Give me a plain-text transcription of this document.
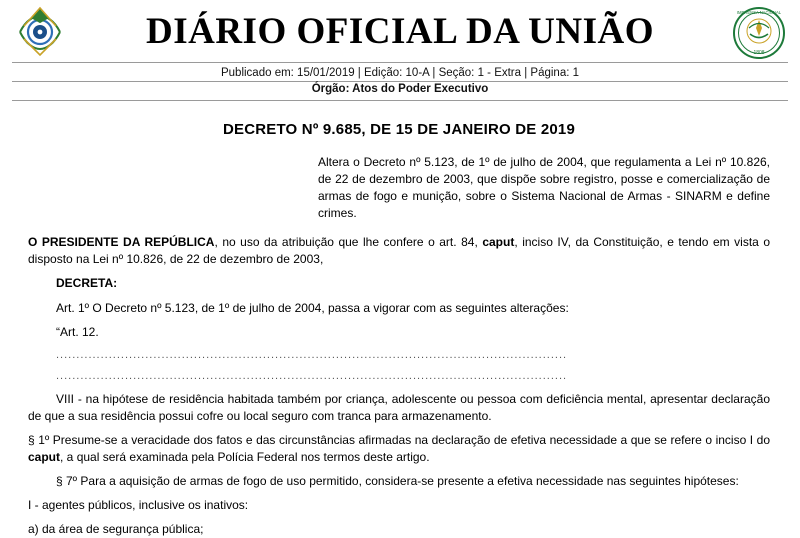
DIÁRIO OFICIAL DA UNIÃO	IMPRENSA NACIONAL
1808
Publicado em: 15/01/2019 | Edição: 10-A | Seção: 1 - Extra | Página: 1
Órgão: Atos do Poder Executivo
DECRETO Nº 9.685, DE 15 DE JANEIRO DE 2019

Altera o Decreto nº 5.123, de 1º de julho de 2004, que regulamenta a Lei nº 10.826, de 22 de dezembro de 2003, que dispõe sobre registro, posse e comercialização de armas de fogo e munição, sobre o Sistema Nacional de Armas - SINARM e define crimes.

O PRESIDENTE DA REPÚBLICA, no uso da atribuição que lhe confere o art. 84, caput, inciso IV, da Constituição, e tendo em vista o disposto na Lei nº 10.826, de 22 de dezembro de 2003,

DECRETA:

Art. 1º O Decreto nº 5.123, de 1º de julho de 2004, passa a vigorar com as seguintes alterações:

“Art. 12.

..............................................................................................................................

..............................................................................................................................

VIII - na hipótese de residência habitada também por criança, adolescente ou pessoa com deficiência mental, apresentar declaração de que a sua residência possui cofre ou local seguro com tranca para armazenamento.

§ 1º Presume-se a veracidade dos fatos e das circunstâncias afirmadas na declaração de efetiva necessidade a que se refere o inciso I do caput, a qual será examinada pela Polícia Federal nos termos deste artigo.

§ 7º Para a aquisição de armas de fogo de uso permitido, considera-se presente a efetiva necessidade nas seguintes hipóteses:

I - agentes públicos, inclusive os inativos:

a) da área de segurança pública;
